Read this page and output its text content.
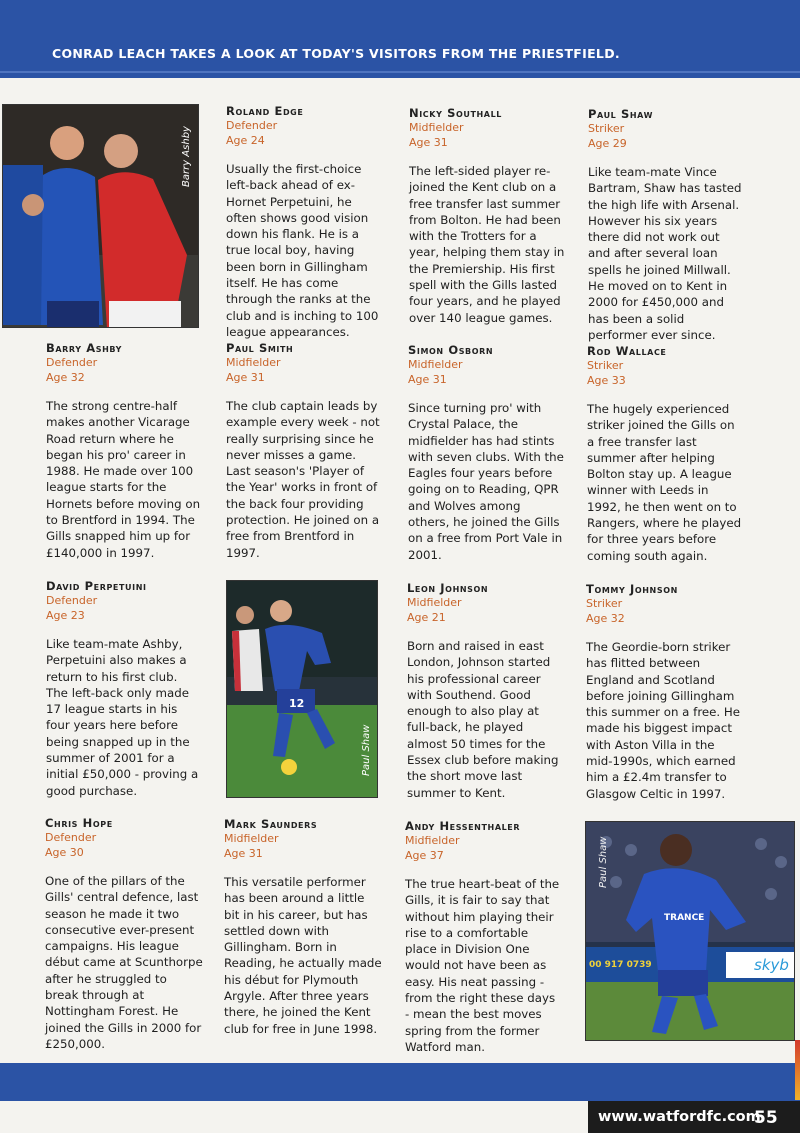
CONRAD LEACH TAKES A LOOK AT TODAY'S VISITORS FROM THE PRIESTFIELD.
Barry Ashby
12
Paul Shaw
TRANCE
skyb
00 917 0739
Paul Shaw
Roland Edge
Defender
Age 24
Usually the first-choice left-back ahead of ex-Hornet Perpetuini, he often shows good vision down his flank. He is a true local boy, having been born in Gillingham itself. He has come through the ranks at the club and is inching to 100 league appearances.
Nicky Southall
Midfielder
Age 31
The left-sided player re-joined the Kent club on a free transfer last summer from Bolton. He had been with the Trotters for a year, helping them stay in the Premiership. His first spell with the Gills lasted four years, and he played over 140 league games.
Paul Shaw
Striker
Age 29
Like team-mate Vince Bartram, Shaw has tasted the high life with Arsenal. However his six years there did not work out and after several loan spells he joined Millwall. He moved on to Kent in 2000 for £450,000 and has been a solid performer ever since.
Barry Ashby
Defender
Age 32
The strong centre-half makes another Vicarage Road return where he began his pro' career in 1988. He made over 100 league starts for the Hornets before moving on to Brentford in 1994. The Gills snapped him up for £140,000 in 1997.
Paul Smith
Midfielder
Age 31
The club captain leads by example every week - not really surprising since he never misses a game. Last season's 'Player of the Year' works in front of the back four providing protection. He joined on a free from Brentford in 1997.
Simon Osborn
Midfielder
Age 31
Since turning pro' with Crystal Palace, the midfielder has had stints with seven clubs. With the Eagles four years before going on to Reading, QPR and Wolves among others, he joined the Gills on a free from Port Vale in 2001.
Rod Wallace
Striker
Age 33
The hugely experienced striker joined the Gills on a free transfer last summer after helping Bolton stay up. A league winner with Leeds in 1992, he then went on to Rangers, where he played for three years before coming south again.
David Perpetuini
Defender
Age 23
Like team-mate Ashby, Perpetuini also makes a return to his first club. The left-back only made 17 league starts in his four years here before being snapped up in the summer of 2001 for a initial £50,000 - proving a good purchase.
Leon Johnson
Midfielder
Age 21
Born and raised in east London, Johnson started his professional career with Southend. Good enough to also play at full-back, he played almost 50 times for the Essex club before making the short move last summer to Kent.
Tommy Johnson
Striker
Age 32
The Geordie-born striker has flitted between England and Scotland before joining Gillingham this summer on a free. He made his biggest impact with Aston Villa in the mid-1990s, which earned him a £2.4m transfer to Glasgow Celtic in 1997.
Chris Hope
Defender
Age 30
One of the pillars of the Gills' central defence, last season he made it two consecutive ever-present campaigns. His league début came at Scunthorpe after he struggled to break through at Nottingham Forest. He joined the Gills in 2000 for £250,000.
Mark Saunders
Midfielder
Age 31
This versatile performer has been around a little bit in his career, but has settled down with Gillingham. Born in Reading, he actually made his début for Plymouth Argyle. After three years there, he joined the Kent club for free in June 1998.
Andy Hessenthaler
Midfielder
Age 37
The true heart-beat of the Gills, it is fair to say that without him playing their rise to a comfortable place in Division One would not have been as easy. His neat passing - from the right these days - mean the best moves spring from the former Watford man.
www.watfordfc.com
55
